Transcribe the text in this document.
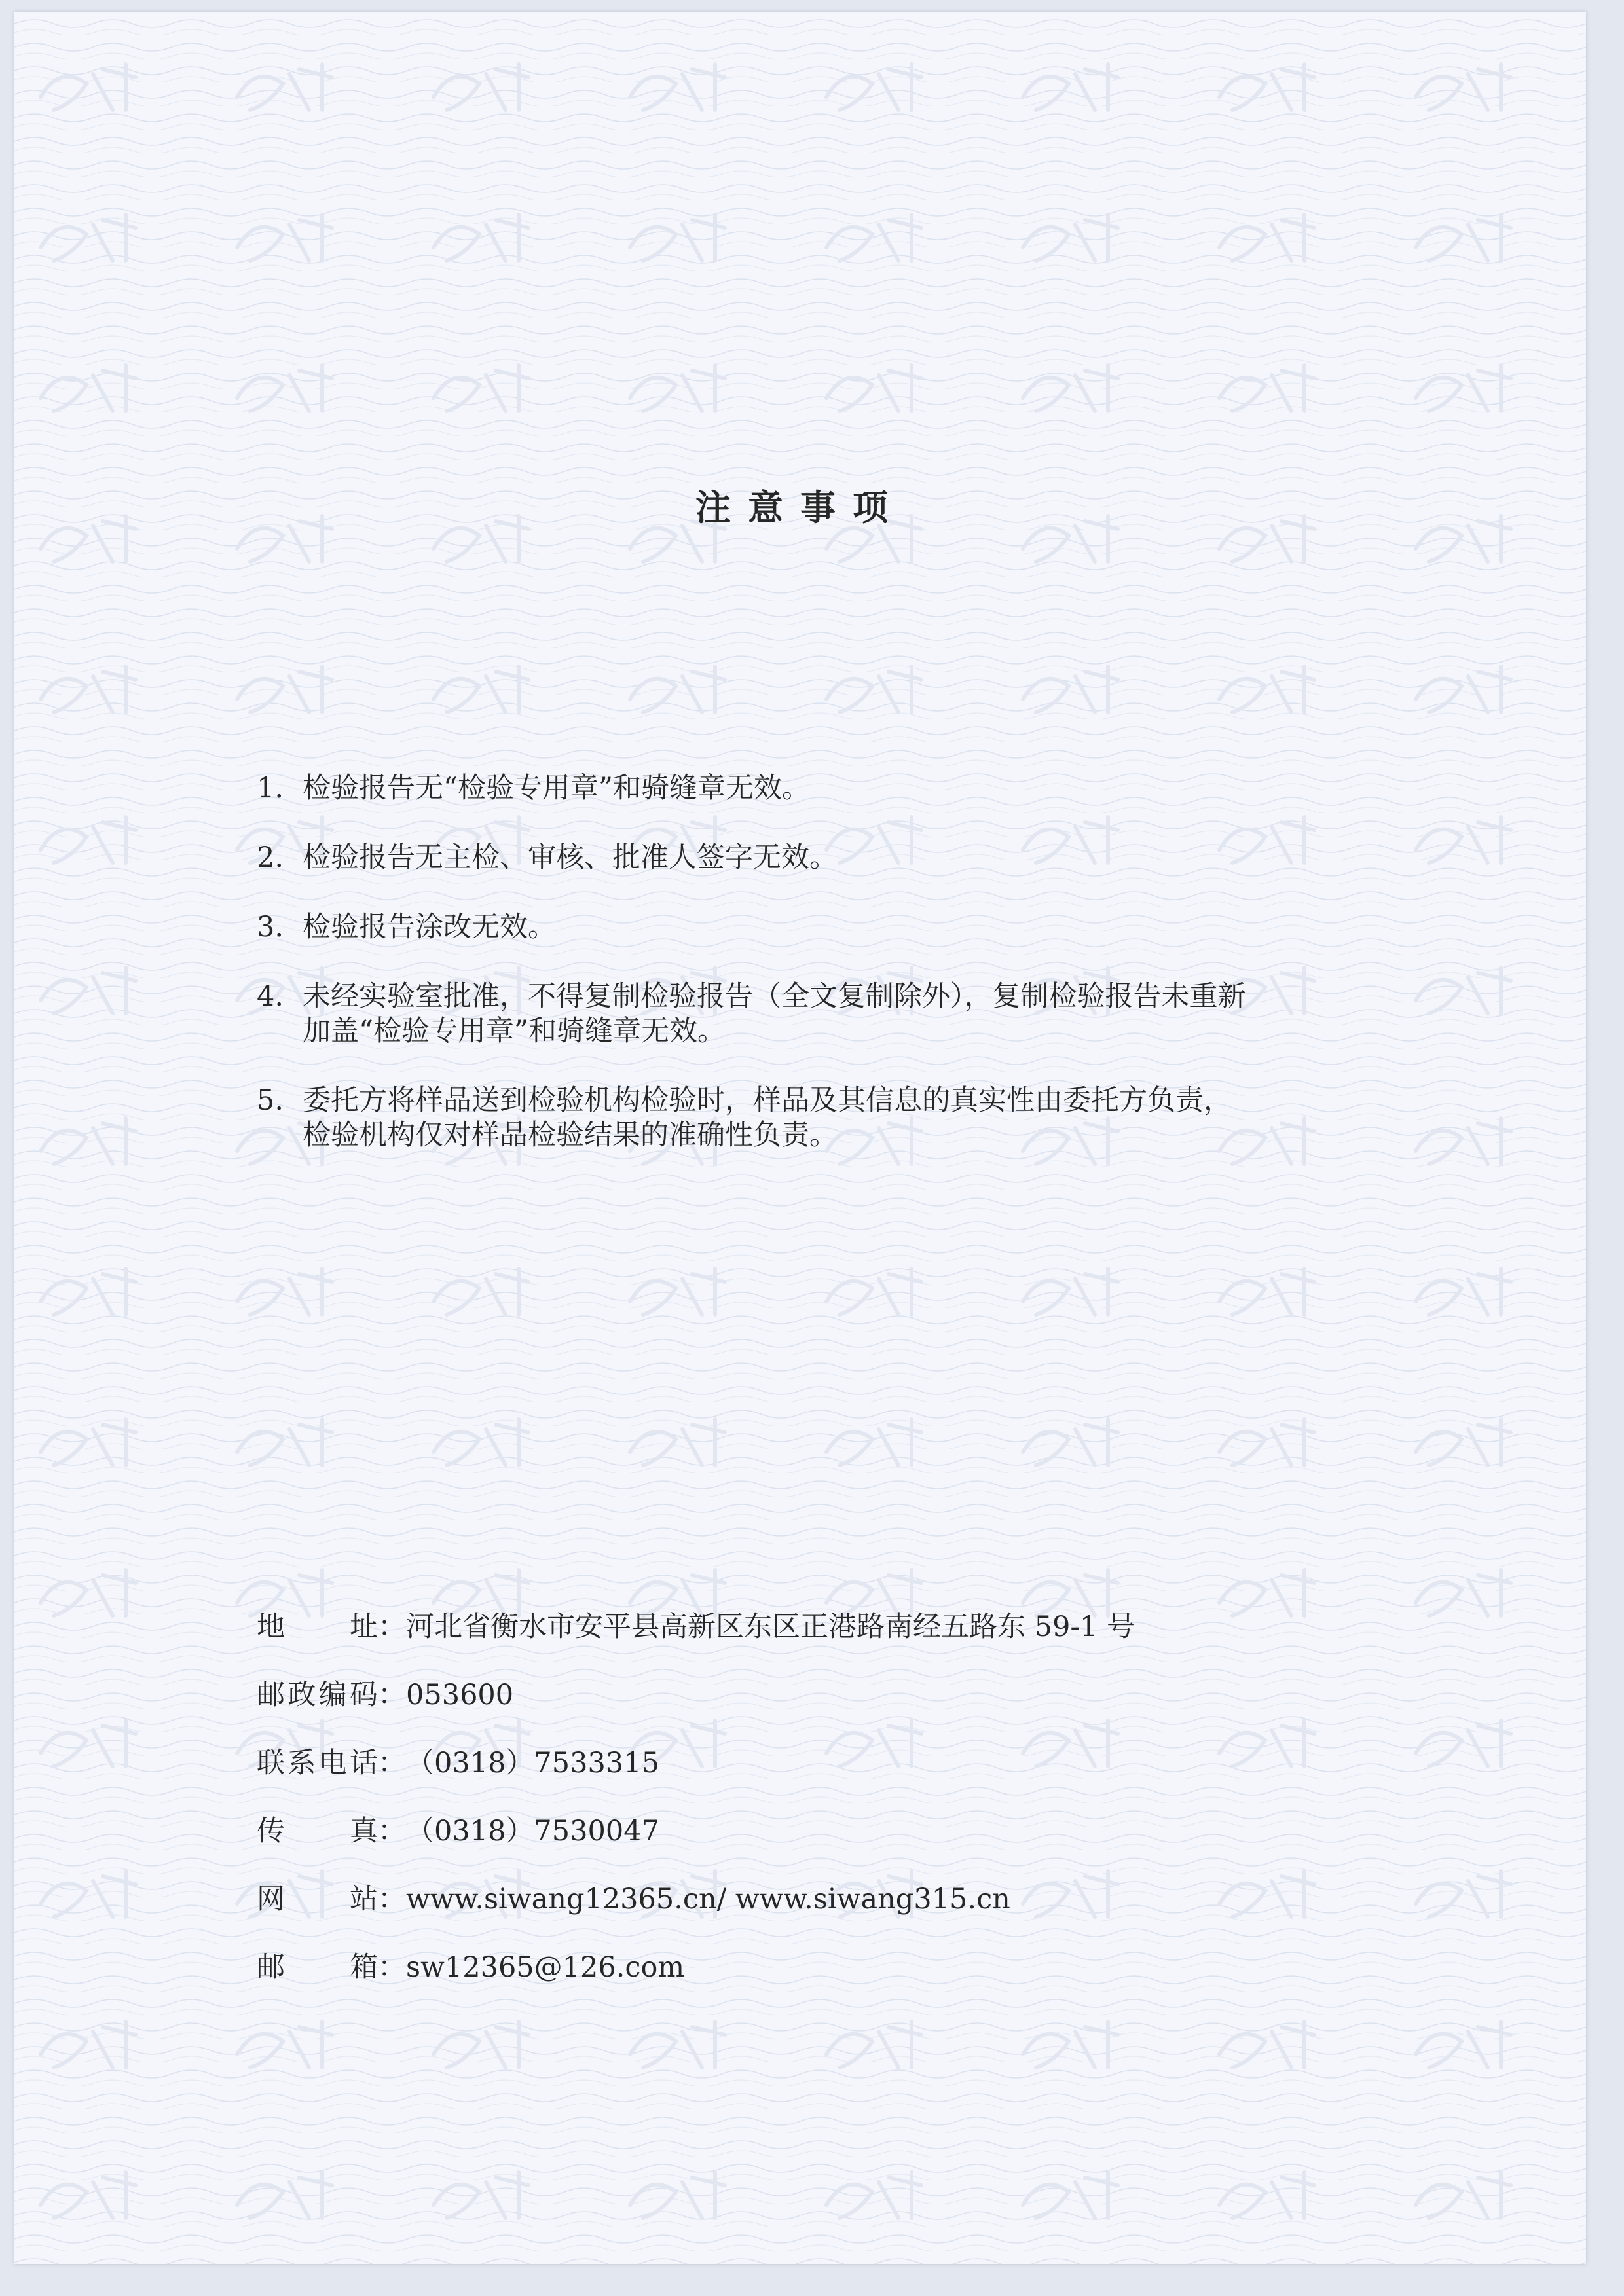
注意事项
1. 检验报告无“检验专用章”和骑缝章无效。
2. 检验报告无主检、审核、批准人签字无效。
3. 检验报告涂改无效。
4. 未经实验室批准，不得复制检验报告（全文复制除外），复制检验报告未重新
加盖“检验专用章”和骑缝章无效。
5. 委托方将样品送到检验机构检验时，样品及其信息的真实性由委托方负责，
检验机构仅对样品检验结果的准确性负责。
地 址： 河北省衡水市安平县高新区东区正港路南经五路东 59-1 号
邮 政 编 码： 053600
联 系 电 话： （0318）7533315
传 真： （0318）7530047
网 站： www.siwang12365.cn/ www.siwang315.cn
邮 箱： sw12365@126.com
